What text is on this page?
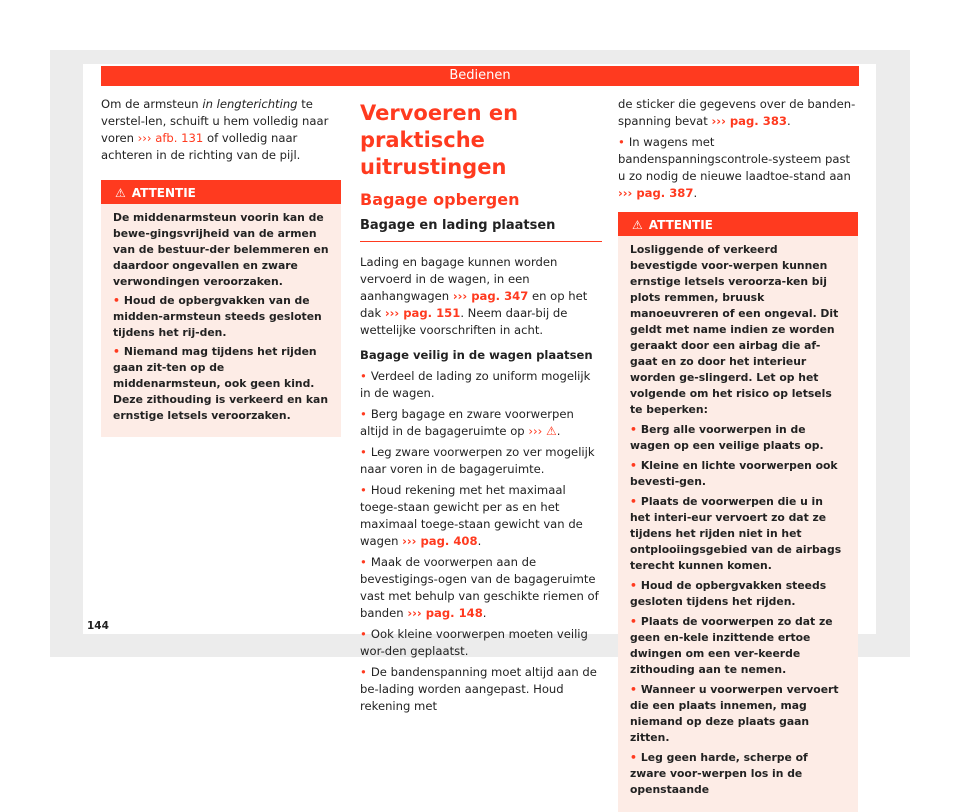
Bedienen

Om de armsteun in lengterichting te verstel-len, schuift u hem volledig naar voren ››› afb. 131 of volledig naar achteren in de richting van de pijl.

⚠ ATTENTIE

De middenarmsteun voorin kan de bewe-gingsvrijheid van de armen van de bestuur-der belemmeren en daardoor ongevallen en zware verwondingen veroorzaken.

• Houd de opbergvakken van de midden-armsteun steeds gesloten tijdens het rij-den.

• Niemand mag tijdens het rijden gaan zit-ten op de middenarmsteun, ook geen kind. Deze zithouding is verkeerd en kan ernstige letsels veroorzaken.

Vervoeren en praktische uitrustingen
Bagage opbergen
Bagage en lading plaatsen

Lading en bagage kunnen worden vervoerd in de wagen, in een aanhangwagen ››› pag. 347 en op het dak ››› pag. 151. Neem daar-bij de wettelijke voorschriften in acht.

Bagage veilig in de wagen plaatsen

• Verdeel de lading zo uniform mogelijk in de wagen.

• Berg bagage en zware voorwerpen altijd in de bagageruimte op ››› ⚠.

• Leg zware voorwerpen zo ver mogelijk naar voren in de bagageruimte.

• Houd rekening met het maximaal toege-staan gewicht per as en het maximaal toege-staan gewicht van de wagen ››› pag. 408.

• Maak de voorwerpen aan de bevestigings-ogen van de bagageruimte vast met behulp van geschikte riemen of banden ››› pag. 148.

• Ook kleine voorwerpen moeten veilig wor-den geplaatst.

• De bandenspanning moet altijd aan de be-lading worden aangepast. Houd rekening met

de sticker die gegevens over de banden-spanning bevat ››› pag. 383.

• In wagens met bandenspanningscontrole-systeem past u zo nodig de nieuwe laadtoe-stand aan ››› pag. 387.

⚠ ATTENTIE

Losliggende of verkeerd bevestigde voor-werpen kunnen ernstige letsels veroorza-ken bij plots remmen, bruusk manoeuvreren of een ongeval. Dit geldt met name indien ze worden geraakt door een airbag die af-gaat en zo door het interieur worden ge-slingerd. Let op het volgende om het risico op letsels te beperken:

• Berg alle voorwerpen in de wagen op een veilige plaats op.

• Kleine en lichte voorwerpen ook bevesti-gen.

• Plaats de voorwerpen die u in het interi-eur vervoert zo dat ze tijdens het rijden niet in het ontplooiingsgebied van de airbags terecht kunnen komen.

• Houd de opbergvakken steeds gesloten tijdens het rijden.

• Plaats de voorwerpen zo dat ze geen en-kele inzittende ertoe dwingen om een ver-keerde zithouding aan te nemen.

• Wanneer u voorwerpen vervoert die een plaats innemen, mag niemand op deze plaats gaan zitten.

• Leg geen harde, scherpe of zware voor-werpen los in de openstaande

144
